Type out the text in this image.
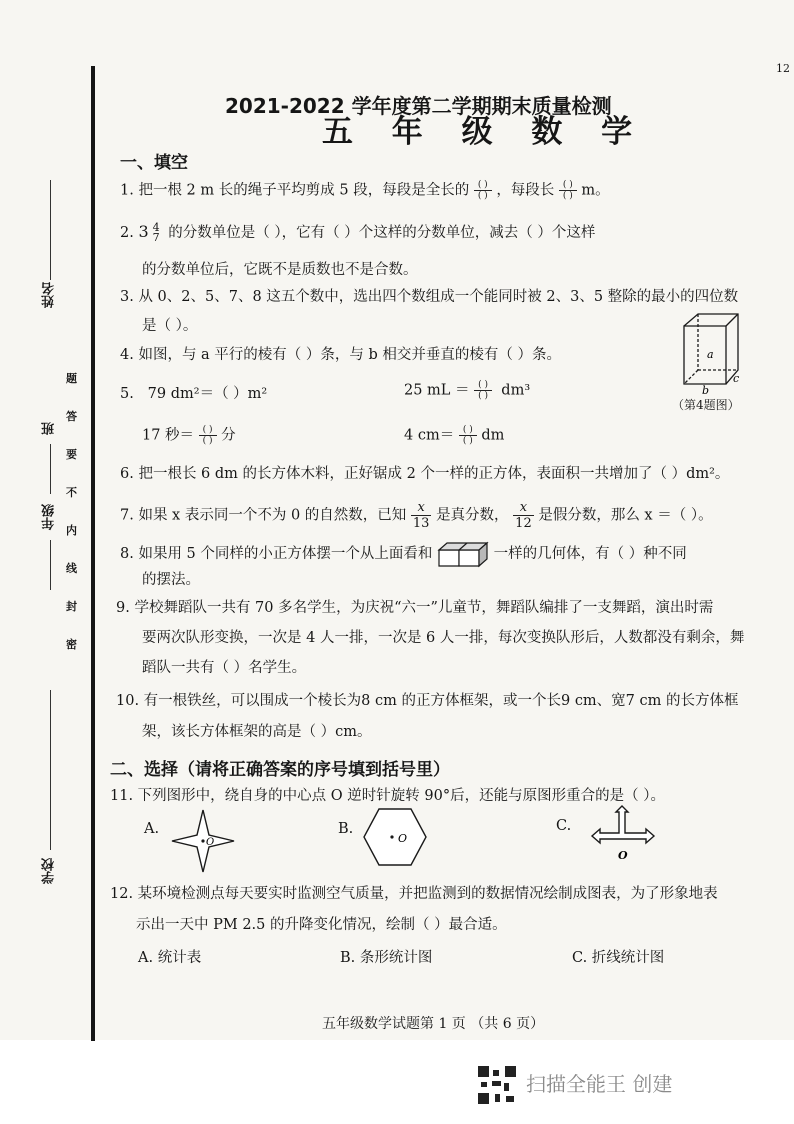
姓名
年级
班
学校
密
封
线
内
不
要
答
题
2021-2022 学年度第二学期期末质量检测
五 年 级 数 学
12
一、填空
1. 把一根 2 m 长的绳子平均剪成 5 段，每段是全长的 $\frac{( )}{( )}$ ，每段长 $\frac{( )}{( )}$ m。
2. 3 4
7 的分数单位是（ ），它有（ ）个这样的分数单位，减去（ ）个这样
的分数单位后，它既不是质数也不是合数。
3. 从 0、2、5、7、8 这五个数中，选出四个数组成一个能同时被 2、3、5 整除的最小的四位数
是（ ）。
4. 如图，与 a 平行的棱有（ ）条，与 b 相交并垂直的棱有（ ）条。	a
b
c
（第4题图）
5. 79 dm²＝（ ）m²	25 mL ＝ $\frac{( )}{( )} dm^3$
17 秒＝ $\frac{( )}{( )}$ 分	4 $cm= \frac{( )}{( )}$ dm
6. 把一根长 6 dm 的长方体木料，正好锯成 2 个一样的正方体，表面积一共增加了（ ）dm²。
7. 如果 x 表示同一个不为 0 的自然数，已知 $\frac{x}{13}$ 是真分数， $\frac{x}{12}$ 是假分数，那么 x ＝（ ）。
8. 如果用 5 个同样的小正方体摆一个从上面看和	一样的几何体，有（ ）种不同
的摆法。
9. 学校舞蹈队一共有 70 多名学生，为庆祝“六一”儿童节，舞蹈队编排了一支舞蹈，演出时需
要两次队形变换，一次是 4 人一排，一次是 6 人一排，每次变换队形后，人数都没有剩余，舞
蹈队一共有（ ）名学生。
10. 有一根铁丝，可以围成一个棱长为8 cm 的正方体框架，或一个长9 cm、宽7 cm 的长方体框
架，该长方体框架的高是（ ）cm。
二、选择（请将正确答案的序号填到括号里）
11. 下列图形中，绕自身的中心点 O 逆时针旋转 90°后，还能与原图形重合的是（ ）。
A.
O
B.
O
C.
O
12. 某环境检测点每天要实时监测空气质量，并把监测到的数据情况绘制成图表，为了形象地表
示出一天中 PM 2.5 的升降变化情况，绘制（ ）最合适。
A. 统计表	B. 条形统计图	C. 折线统计图
五年级数学试题第 1 页 （共 6 页）
扫描全能王 创建
